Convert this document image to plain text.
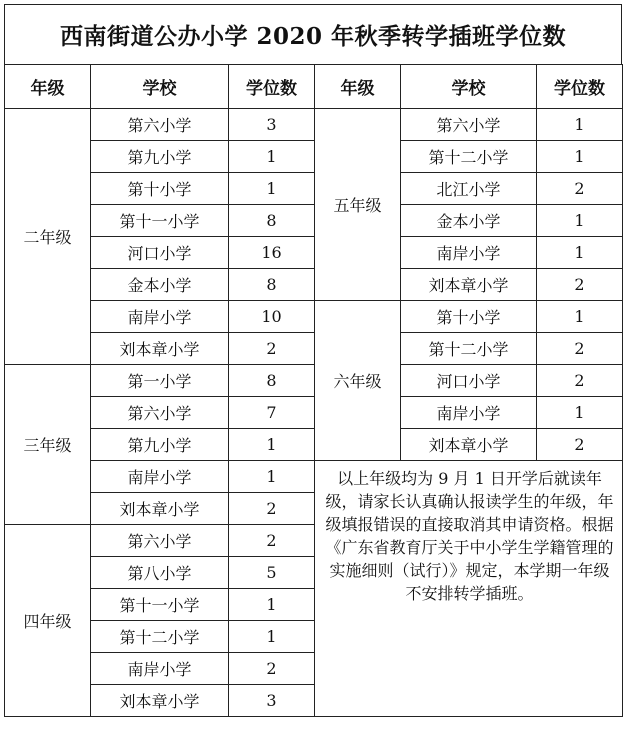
西南街道公办小学 2020 年秋季转学插班学位数
年级	学校	学位数	年级	学校	学位数
二年级	第六小学	3	五年级	第六小学	1
	第九小学	1		第十二小学	1
	第十小学	1		北江小学	2
	第十一小学	8		金本小学	1
	河口小学	16		南岸小学	1
	金本小学	8		刘本章小学	2
	南岸小学	10	六年级	第十小学	1
	刘本章小学	2		第十二小学	2
三年级	第一小学	8		河口小学	2
	第六小学	7		南岸小学	1
	第九小学	1		刘本章小学	2
	南岸小学	1	以上年级均为 9 月 1 日开学后就读年级，请家长认真确认报读学生的年级，年级填报错误的直接取消其申请资格。根据《广东省教育厅关于中小学生学籍管理的实施细则（试行）》规定，本学期一年级不安排转学插班。		
	刘本章小学	2			
四年级	第六小学	2			
	第八小学	5			
	第十一小学	1			
	第十二小学	1			
	南岸小学	2			
	刘本章小学	3			
